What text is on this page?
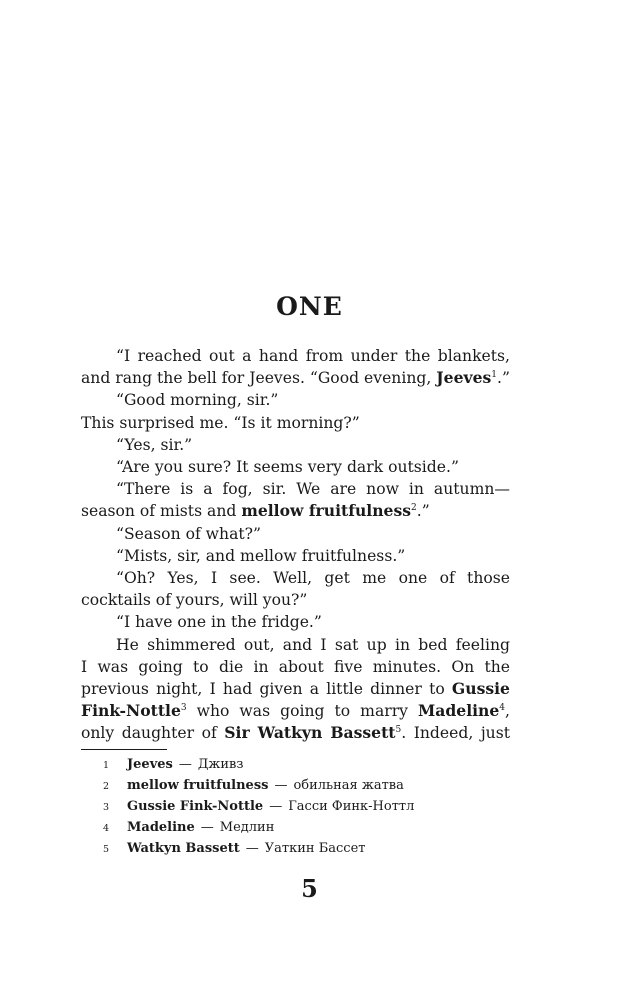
ONE
“I reached out a hand from under the blankets,
and rang the bell for Jeeves. “Good evening, Jeeves$^1$.”
“Good morning, sir.”
This surprised me. “Is it morning?”
“Yes, sir.”
“Are you sure? It seems very dark outside.”
“There is a fog, sir. We are now in autumn—
season of mists and mellow fruitfulness$^2$.”
“Season of what?”
“Mists, sir, and mellow fruitfulness.”
“Oh? Yes, I see. Well, get me one of those
cocktails of yours, will you?”
“I have one in the fridge.”
He shimmered out, and I sat up in bed feeling
I was going to die in about five minutes. On the
previous night, I had given a little dinner to Gussie
Fink-Nottle$^3$ who was going to marry Madeline$^4$,
only daughter of Sir Watkyn Bassett$^5$. Indeed, just
1	Jeeves — Дживз
2	mellow fruitfulness — обильная жатва
3	Gussie Fink-Nottle — Гасси Финк-Ноттл
4	Madeline — Медлин
5	Watkyn Bassett — Уаткин Бассет
5
